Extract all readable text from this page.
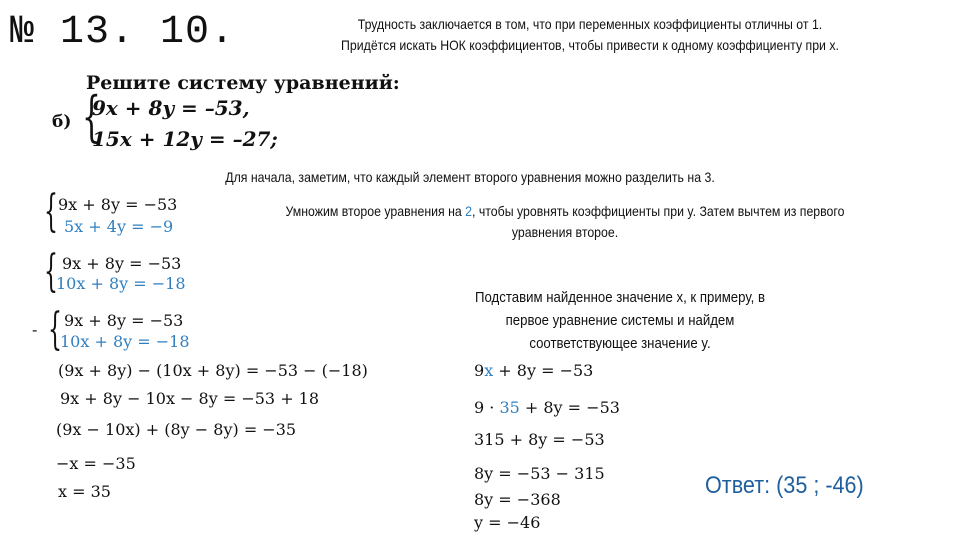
№ 13. 10.	Трудность заключается в том, что при переменных коэффициенты отличны от 1.
Придётся искать НОК коэффициентов, чтобы привести к одному коэффициенту при x.
Решите систему уравнений:
б) {
9x + 8y = –53,
15x + 12y = –27;
Для начала, заметим, что каждый элемент второго уравнения можно разделить на 3.
{ 9x + 8y = −53
5x + 4y = −9
Умножим второе уравнения на 2, чтобы уровнять коэффициенты при y. Затем вычтем из первого
уравнения второе.
{ 9x + 8y = −53
10x + 8y = −18
- { 9x + 8y = −53
10x + 8y = −18
(9x + 8y) − (10x + 8y) = −53 − (−18)
9x + 8y − 10x − 8y = −53 + 18
(9x − 10x) + (8y − 8y) = −35
−x = −35
x = 35
Подставим найденное значение x, к примеру, в
первое уравнение системы и найдем
соответствующее значение y.
9x + 8y = −53
9 · 35 + 8y = −53
315 + 8y = −53
8y = −53 − 315
8y = −368
y = −46
Ответ: (35 ; -46)
